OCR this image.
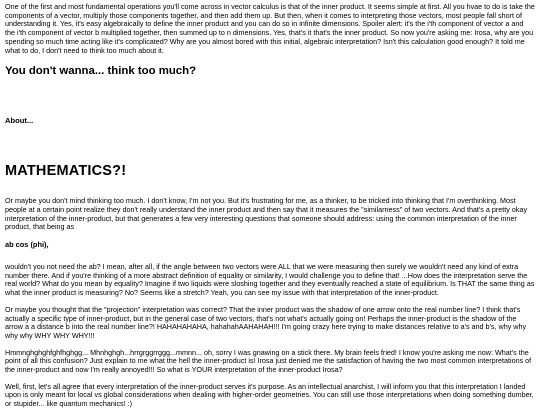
One of the first and most fundamental operations you'll come across in vector calculus is that of the inner product. It seems simple at first. All you hvae to do is take the components of a vector, multiply those components together, and then add them up. But then, when it comes to interpreting those vectors, most people fall short of understanding it. Yes, it's easy algebraically to define the inner product and you can do so in infinite dimensions. Spoiler alert: it's the i'th component of vector a and the i'th component of vector b multiplied together, then summed up to n dimensions. Yes, that's it that's the inner product. So now you're asking me: Irosa, why are you spending so much time acting like it's complicated? Why are you almost bored with this initial, algebraic interpretation? Isn't this calculation good enough? It told me what to do, I don't need to think too much about it.

You don't wanna... think too much?
About...
MATHEMATICS?!

Or maybe you don't mind thinking too much. I don't know, I'm not you. But it's frustrating for me, as a thinker, to be tricked into thinking that I'm overthinking. Most people at a certain point realize they don't really understand the inner product and then say that it measures the "similarness" of two vectors. And that's a pretty okay interpretation of the inner-product, but that generates a few very interesting questions that someone should address: using the common interpretation of the inner product, that being as

ab cos (phi),

wouldn't you not need the ab? I mean, after all, if the angle between two vectors were ALL that we were measuring then surely we wouldn't need any kind of extra number there. And if you're thinking of a more abstract definition of equality or similarity, I would challenge you to define that! ...How does the interpretation serve the real world? What do you mean by equality? Imagine if two liquids were sloshing together and they eventually reached a state of equilibrium. Is THAT the same thing as what the inner product is measuring? No? Seems like a stretch? Yeah, you can see my issue with that interpretation of the inner-product.

Or maybe you thought that the "projection" interpretation was correct? That the inner product was the shadow of one arrow onto the real number line? I think that's actually a specific type of inner-product, but in the general case of two vectors, that's not what's actually going on! Perhaps the inner-product is the shadow of the arrow a a distance b into the real number line?! HAHAHAHAHA, hahahahAAHAHAH!!! I'm going crazy here trying to make distances relative to a's and b's, why why why why WHY WHY WHY!!!

Hmmnghghghfghfhghgg... Mhnhghgh...hrrgrggrrggg...mmnn... oh, sorry I was gnawing on a stick there. My brain feels fried! I know you're asking me now: What's the point of all this confusion? Just explain to me what the hell the inner-product is! Irosa just denied me the satisfaction of having the two most common interpretations of the inner-product and now I'm really annoyed!!! So what is YOUR interpretation of the inner-product Irosa?

Well, first, let's all agree that every interpretation of the inner-product serves it's purpose. As an intellectual anarchist, I will inform you that this interpretation I landed upon is only meant for local vs global considerations when dealing with higher-order geometries. You can still use those interpretations when doing something dumber, or stupider... like quantum mechanics! :)
